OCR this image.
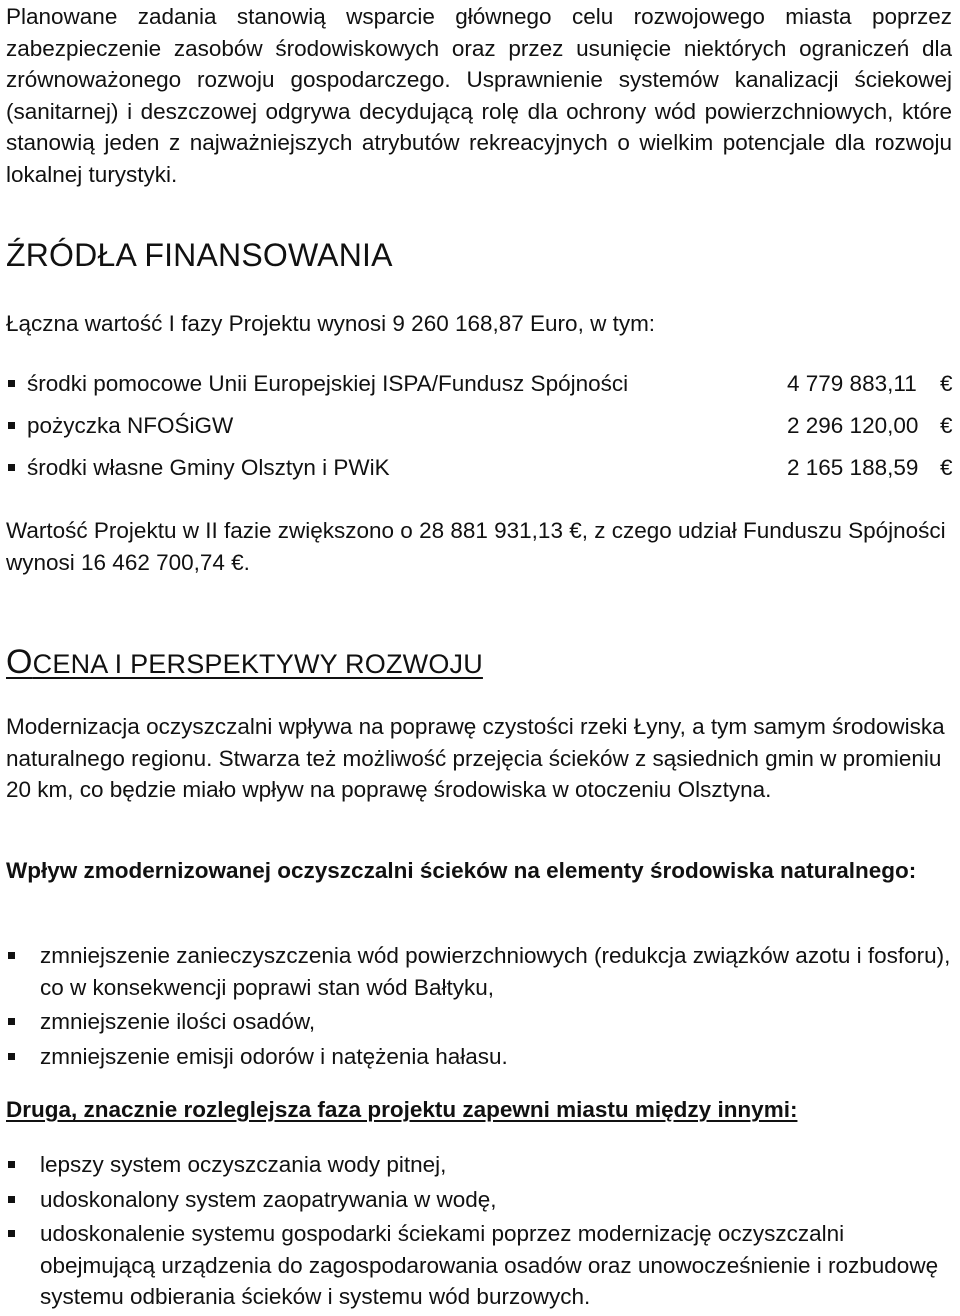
Planowane zadania stanowią wsparcie głównego celu rozwojowego miasta poprzez zabezpieczenie zasobów środowiskowych oraz przez usunięcie niektórych ograniczeń dla zrównoważonego rozwoju gospodarczego. Usprawnienie systemów kanalizacji ściekowej (sanitarnej) i deszczowej odgrywa decydującą rolę dla ochrony wód powierzchniowych, które stanowią jeden z najważniejszych atrybutów rekreacyjnych o wielkim potencjale dla rozwoju lokalnej turystyki.

ŹRÓDŁA FINANSOWANIA

Łączna wartość I fazy Projektu wynosi 9 260 168,87 Euro, w tym:

środki pomocowe Unii Europejskiej ISPA/Fundusz Spójności	4 779 883,11 €
pożyczka NFOŚiGW	2 296 120,00 €
środki własne Gminy Olsztyn i PWiK	2 165 188,59 €

Wartość Projektu w II fazie zwiększono o 28 881 931,13 €, z czego udział Funduszu Spójności wynosi 16 462 700,74 €.

OCENA I PERSPEKTYWY ROZWOJU

Modernizacja oczyszczalni wpływa na poprawę czystości rzeki Łyny, a tym samym środowiska naturalnego regionu. Stwarza też możliwość przejęcia ścieków z sąsiednich gmin w promieniu 20 km, co będzie miało wpływ na poprawę środowiska w otoczeniu Olsztyna.

Wpływ zmodernizowanej oczyszczalni ścieków na elementy środowiska naturalnego:
zmniejszenie zanieczyszczenia wód powierzchniowych (redukcja związków azotu i fosforu), co w konsekwencji poprawi stan wód Bałtyku,
zmniejszenie ilości osadów,
zmniejszenie emisji odorów i natężenia hałasu.
Druga, znacznie rozleglejsza faza projektu zapewni miastu między innymi:
lepszy system oczyszczania wody pitnej,
udoskonalony system zaopatrywania w wodę,
udoskonalenie systemu gospodarki ściekami poprzez modernizację oczyszczalni obejmującą urządzenia do zagospodarowania osadów oraz unowocześnienie i rozbudowę systemu odbierania ścieków i systemu wód burzowych.
